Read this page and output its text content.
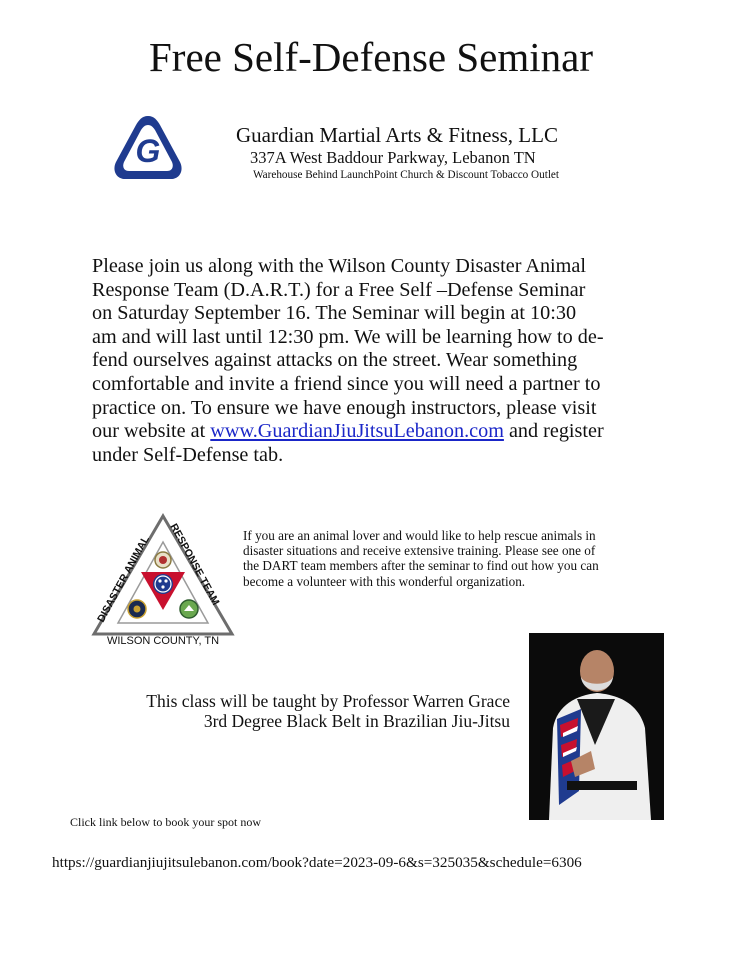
Free Self-Defense Seminar
G	Guardian Martial Arts & Fitness, LLC
337A West Baddour Parkway, Lebanon TN
Warehouse Behind LaunchPoint Church & Discount Tobacco Outlet
Please join us along with the Wilson County Disaster Animal
Response Team (D.A.R.T.) for a Free Self –Defense Seminar
on Saturday September 16. The Seminar will begin at 10:30
am and will last until 12:30 pm. We will be learning how to de-
fend ourselves against attacks on the street. Wear something
comfortable and invite a friend since you will need a partner to
practice on. To ensure we have enough instructors, please visit
our website at www.GuardianJiuJitsuLebanon.com and register
under Self-Defense tab.
DISASTER ANIMAL
RESPONSE TEAM
WILSON COUNTY, TN
If you are an animal lover and would like to help rescue animals in
disaster situations and receive extensive training. Please see one of
the DART team members after the seminar to find out how you can
become a volunteer with this wonderful organization.
This class will be taught by Professor Warren Grace
3rd Degree Black Belt in Brazilian Jiu-Jitsu
Click link below to book your spot now
https://guardianjiujitsulebanon.com/book?date=2023-09-6&s=325035&schedule=6306
